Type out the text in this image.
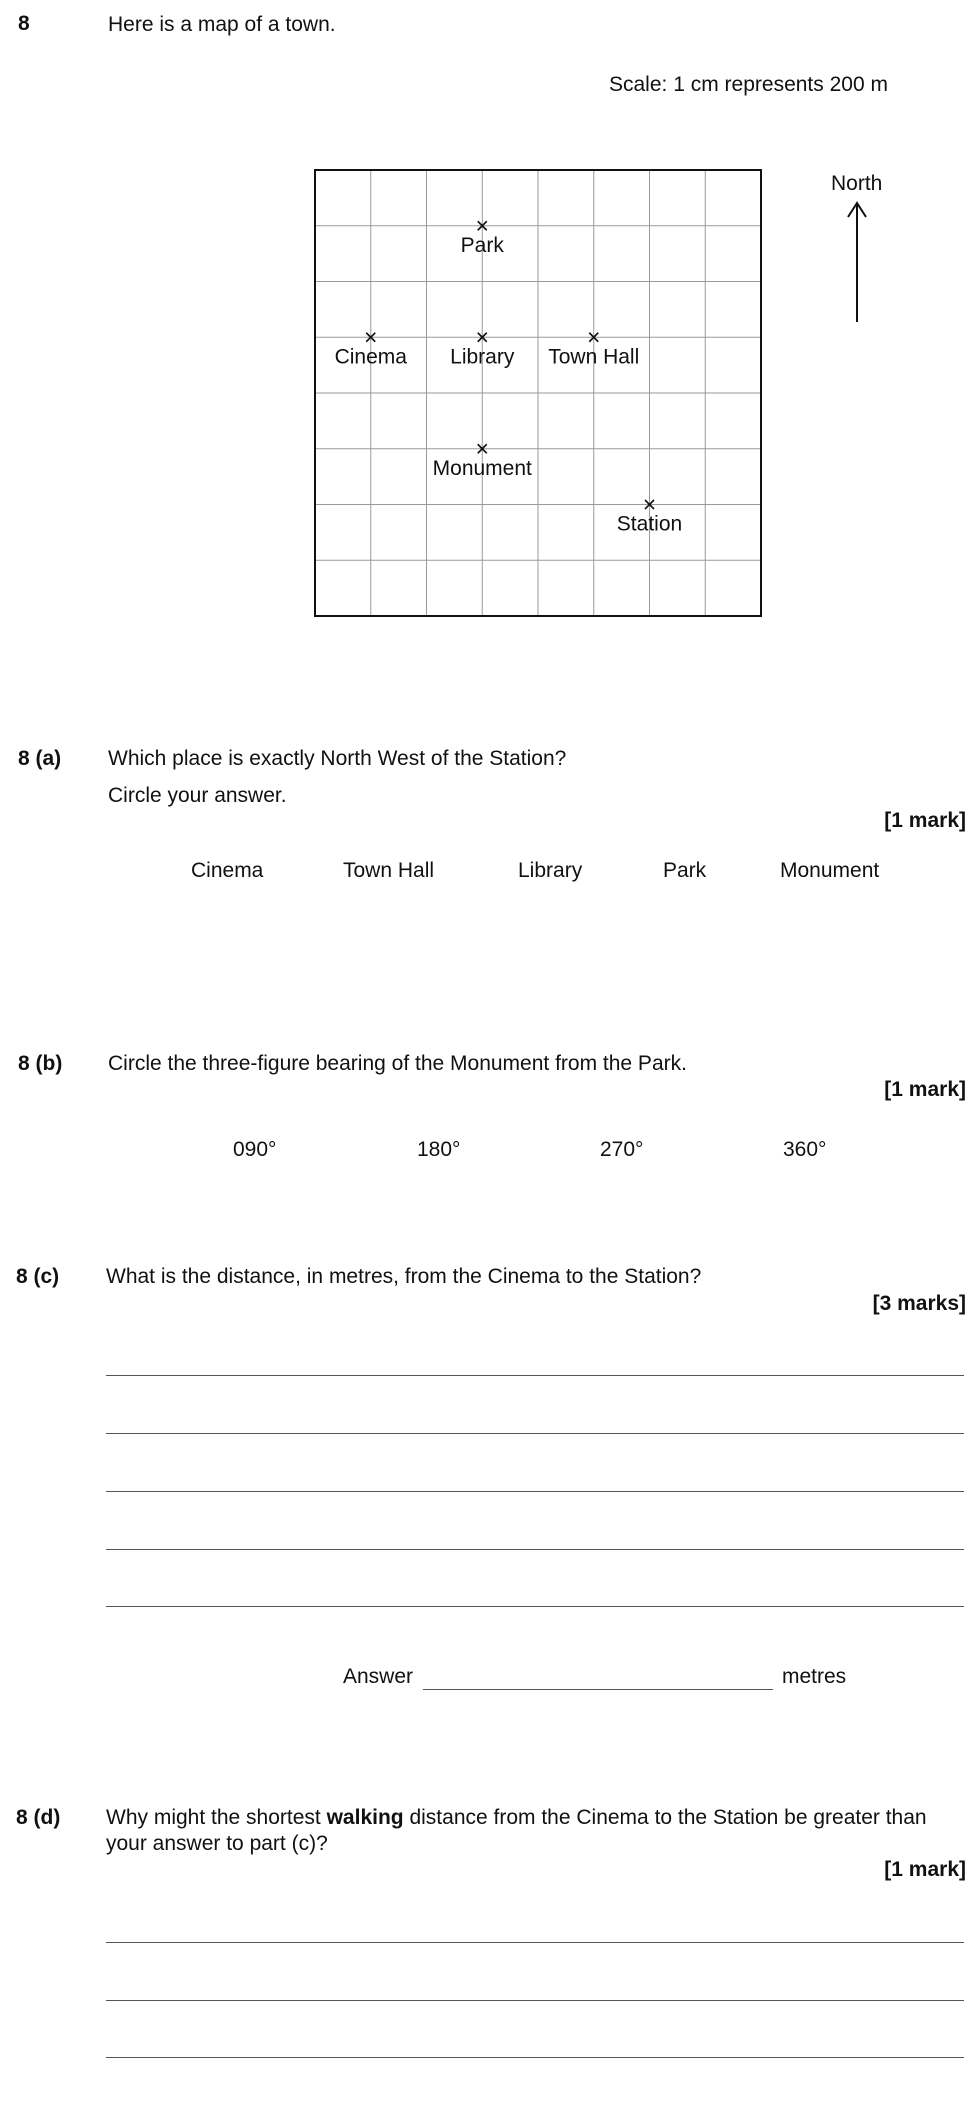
8	Here is a map of a town.
Scale: 1 cm represents 200 m
Park
Cinema Library Town Hall
Monument
Station
North
8 (a) Which place is exactly North West of the Station?
Circle your answer.
[1 mark]
Cinema	Town Hall	Library	Park	Monument
8 (b) Circle the three-figure bearing of the Monument from the Park.
[1 mark]
090°	180°	270°	360°
8 (c) What is the distance, in metres, from the Cinema to the Station?
[3 marks]
Answer	metres
8 (d) Why might the shortest walking distance from the Cinema to the Station be greater than
your answer to part (c)?
[1 mark]
